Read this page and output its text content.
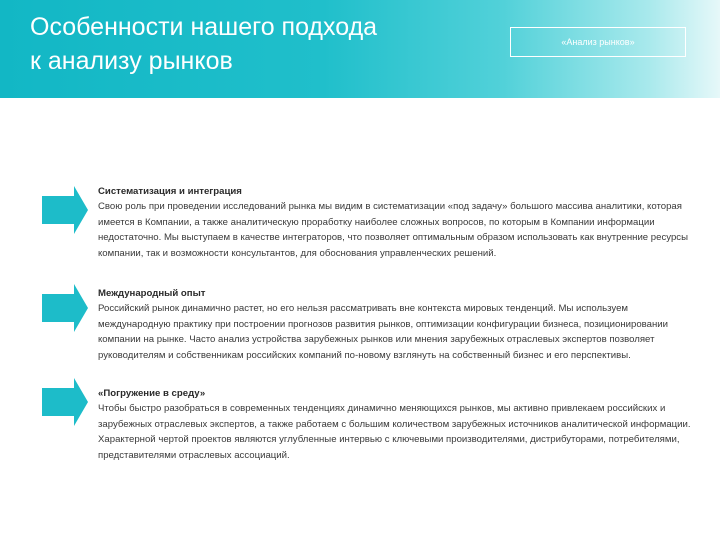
Особенности нашего подхода
к анализу рынков
«Анализ рынков»
Систематизация и интеграция
Свою роль при проведении исследований рынка мы видим в систематизации «под задачу» большого массива аналитики, которая имеется в Компании, а также аналитическую проработку наиболее сложных вопросов, по которым в Компании информации недостаточно. Мы выступаем в качестве интеграторов, что позволяет оптимальным образом использовать как внутренние ресурсы компании, так и возможности консультантов, для обоснования управленческих решений.
Международный опыт
Российский рынок динамично растет, но его нельзя рассматривать вне контекста мировых тенденций. Мы используем международную практику при построении прогнозов развития рынков, оптимизации конфигурации бизнеса, позиционировании компании на рынке. Часто анализ устройства зарубежных рынков или мнения зарубежных отраслевых экспертов позволяет руководителям и собственникам российских компаний по-новому взглянуть на собственный бизнес и его перспективы.
«Погружение в среду»
Чтобы быстро разобраться в современных тенденциях динамично меняющихся рынков, мы активно привлекаем российских и зарубежных отраслевых экспертов, а также работаем с большим количеством зарубежных источников аналитической информации. Характерной чертой проектов являются углубленные интервью с ключевыми производителями, дистрибуторами, потребителями, представителями отраслевых ассоциаций.
